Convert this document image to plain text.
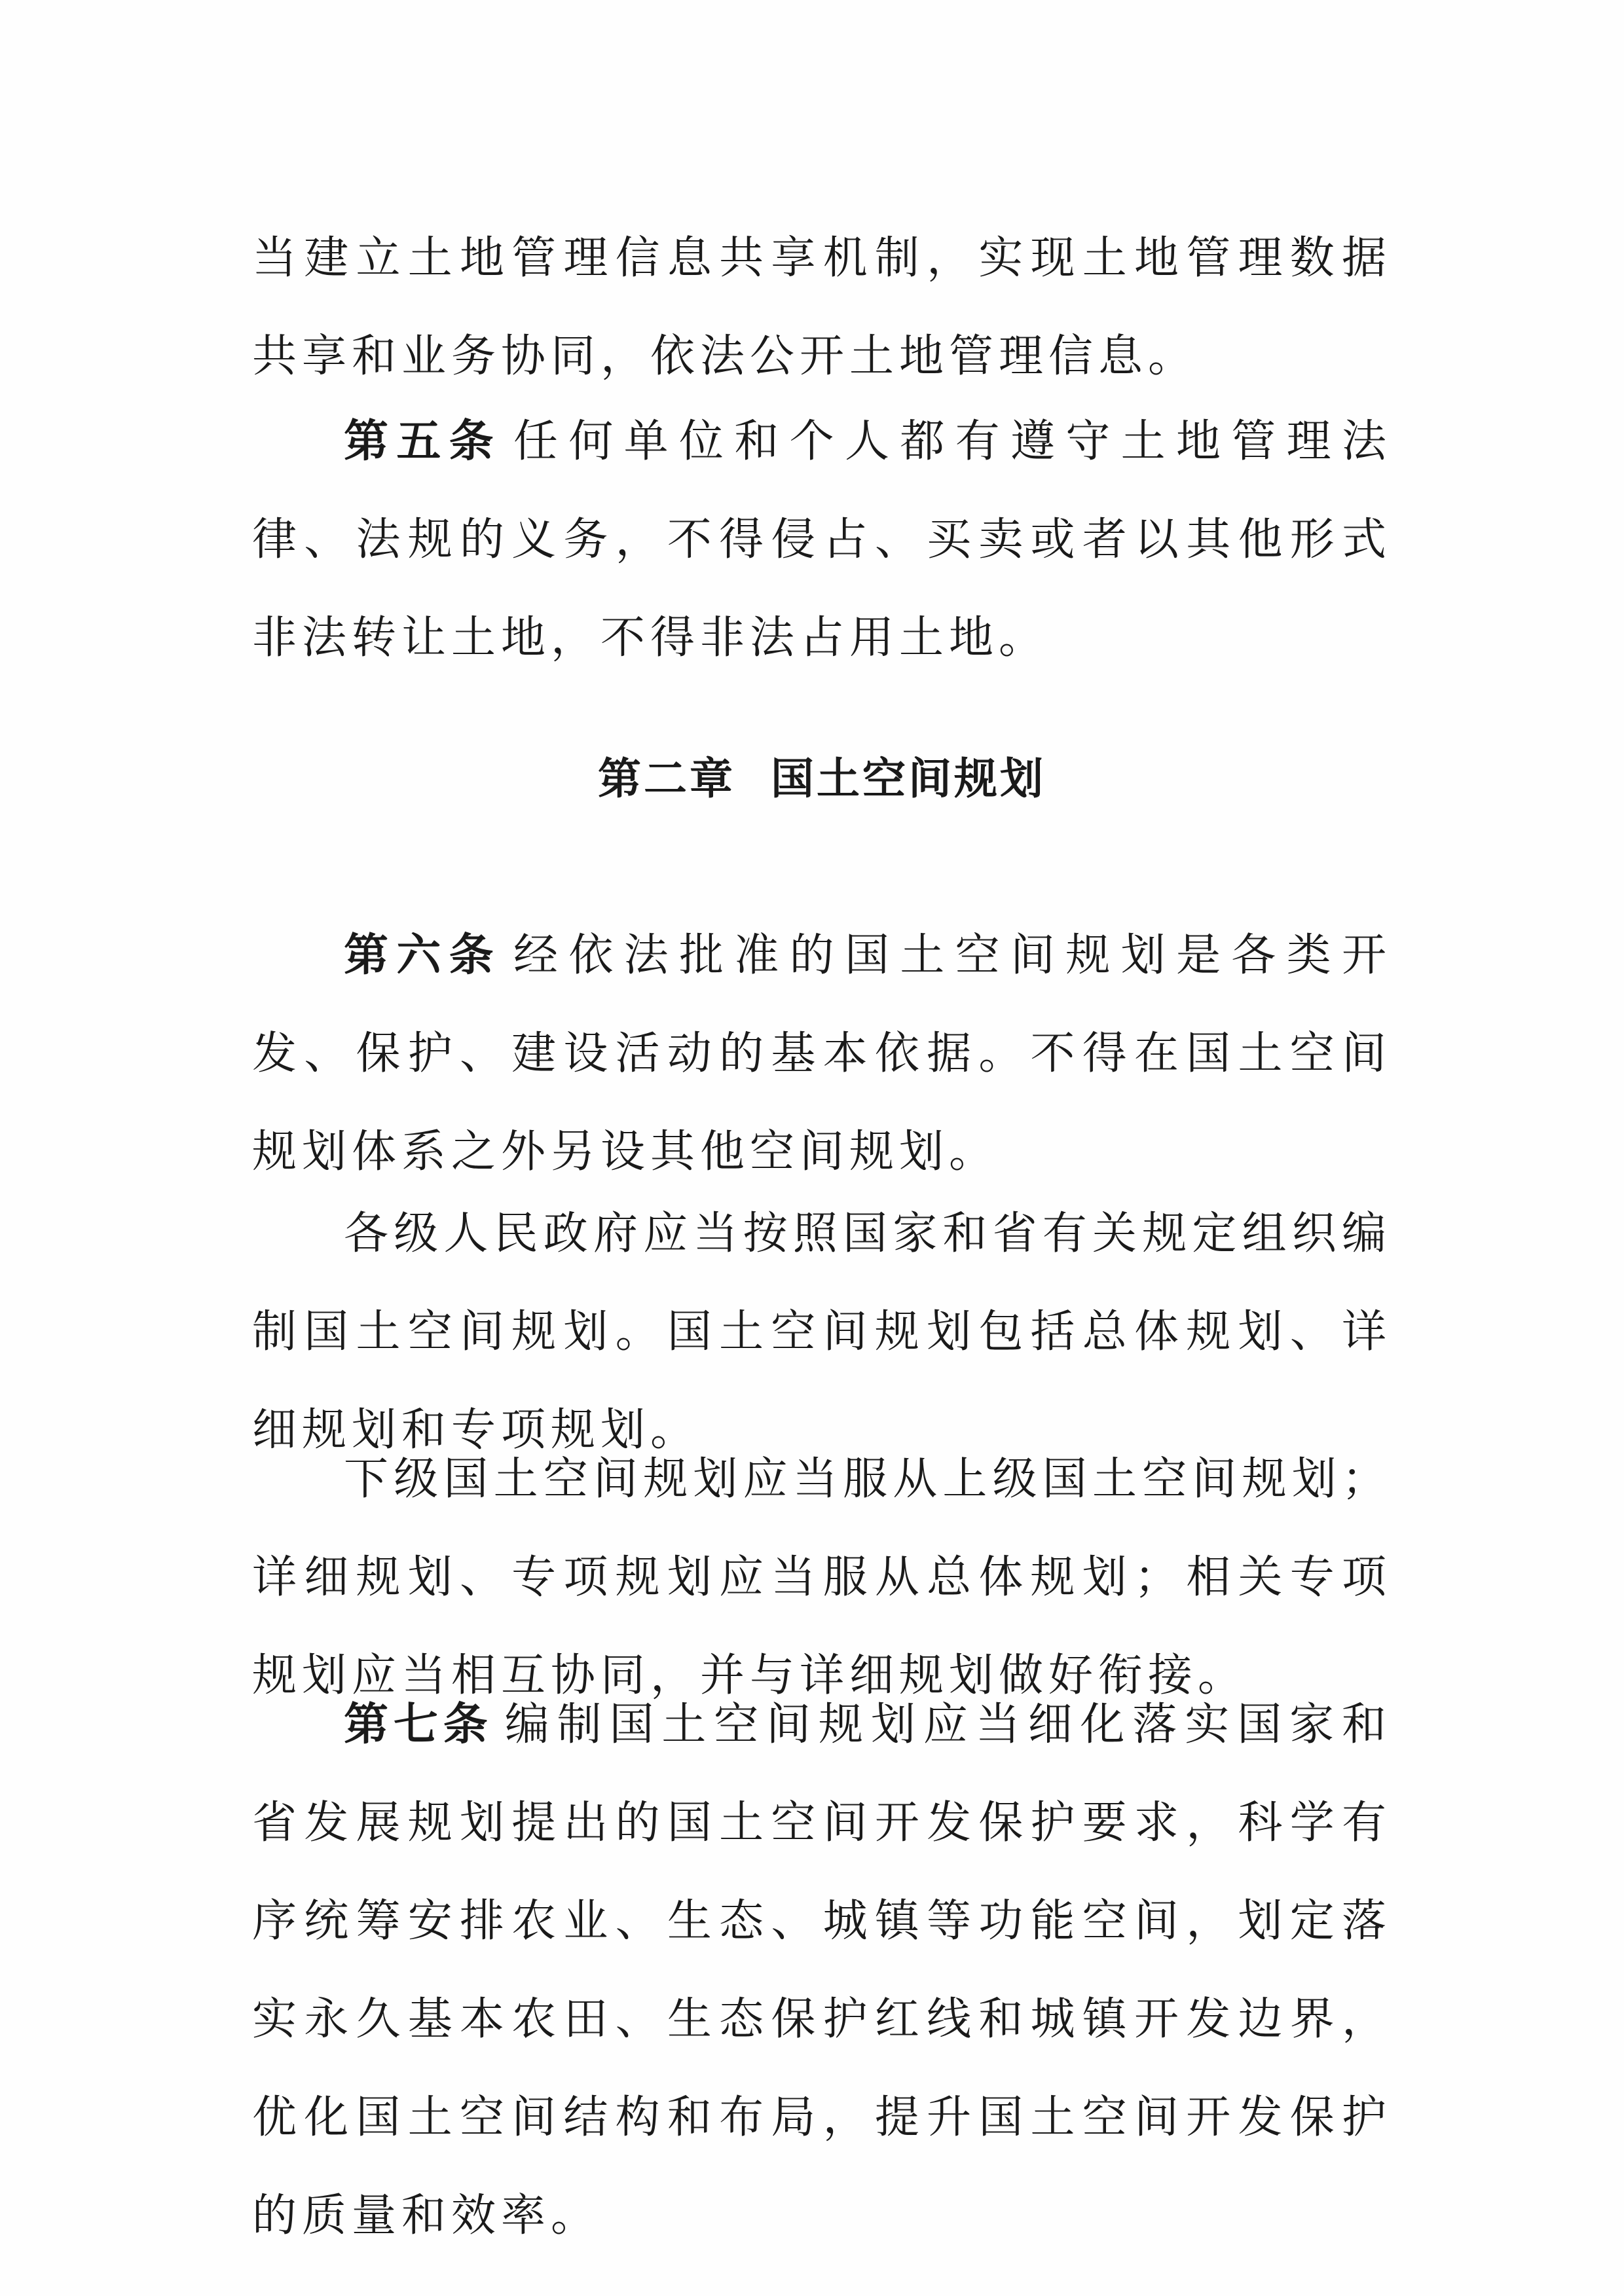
当建立土地管理信息共享机制，实现土地管理数据共享和业务协同，依法公开土地管理信息。

第五条 任何单位和个人都有遵守土地管理法律、法规的义务，不得侵占、买卖或者以其他形式非法转让土地，不得非法占用土地。

第二章  国土空间规划

第六条 经依法批准的国土空间规划是各类开发、保护、建设活动的基本依据。不得在国土空间规划体系之外另设其他空间规划。

各级人民政府应当按照国家和省有关规定组织编制国土空间规划。国土空间规划包括总体规划、详细规划和专项规划。

下级国土空间规划应当服从上级国土空间规划；详细规划、专项规划应当服从总体规划；相关专项规划应当相互协同，并与详细规划做好衔接。

第七条 编制国土空间规划应当细化落实国家和省发展规划提出的国土空间开发保护要求，科学有序统筹安排农业、生态、城镇等功能空间，划定落实永久基本农田、生态保护红线和城镇开发边界，优化国土空间结构和布局，提升国土空间开发保护的质量和效率。
